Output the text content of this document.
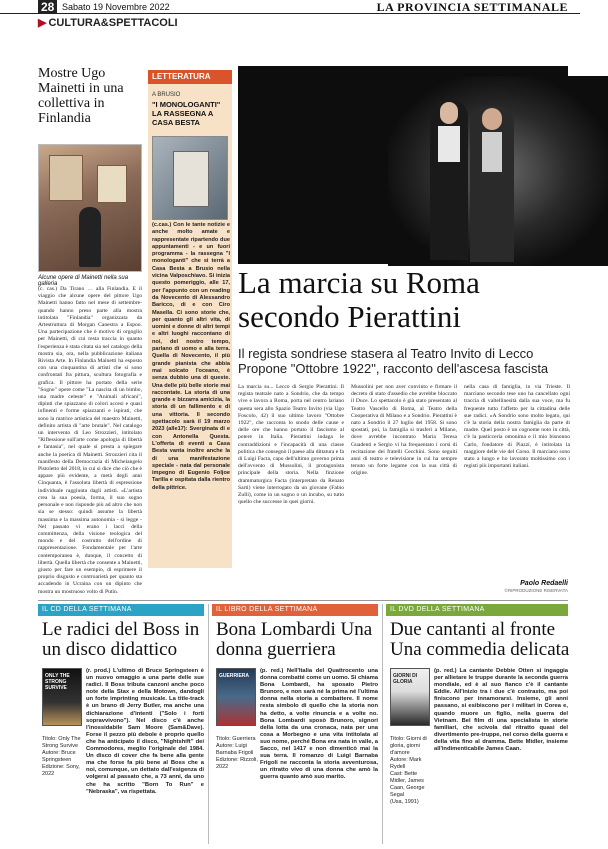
28 Sabato 19 Novembre 2022	LA PROVINCIA SETTIMANALE
▶ CULTURA&SPETTACOLI
Mostre Ugo Mainetti in una collettiva in Finlandia
Alcune opere di Mainetti nella sua galleria
(c. cas.) Da Tirano … alla Finlandia. E il viaggio che alcune opere del pittore Ugo Mainetti hanno fatto nel mese di settembre-quando hanno preso parte alla mostra intitolata "Finlandia" organizzata da Artestruttura di Morgan Canestra a Espoo. Una partecipazione che è motivo di orgoglio per Mainetti, di cui resta traccia in quanto l'esperienza è stata citata sia nel catalogo della mostra sia, ora, nella pubblicazione italiana Rivista Arte. In Finlandia Mainetti ha esposto con una cinquantina di artisti che si sono confrontati fra pittura, scultura fotografia e grafica. Il pittore ha portato della serie "Sogno" opere come "La nascita di un bimbo, una madre celeste" e "Animali africani", dipinti che spiazzano di colori accesi e quasi infinenti e forme spiazzanti e ispirati, che sono la matrice artistica del maestro Mainetti, definito artista di "arte brutale". Nel catalogo un intervento di Leo Strozzieri, intitolato "Riflessione sull'arte come apologia di libertà e fantasia", nel quale si presta a spiegare anche la poetica di Mainetti. Strozzieri cita il manifesto della Democrazia di Michelangelo Pistoletto del 2018, in cui si dice che ciò che è appare più evidente, a metà degli anni Cinquanta, è l'assoluta libertà di espressione individuale raggiunta dagli artisti. «L'artista crea la sua poesia, forma, il suo sogno personale e non risponde più ad altro che non sia se stesso: quindi assume la libertà massima e la massima autonomia - si legge - Nel passato vi erano i lacci della committenza, della visione teologica del mondo e del costrutto dell'ordine di rappresentazione. Fondamentale per l'arte contemporanea è, dunque, il concetto di libertà. Quella libertà che consente a Mainetti, giusto per fare un esempio, di esprimere il proprio disgusto e controarietà per quanto sta accadendo in Ucraina con un dipinto che mostra un mostruoso volto di Putin.
LETTERATURA
A BRUSIO
"I MONOLOGANTI" LA RASSEGNA A CASA BESTA
(c.cas.) Con le tante notizie e anche molto amate e rappresentate ripartendo due appuntamenti - e un fuori programma - la rassegna "I monologanti" che si terrà a Casa Besta a Brusio nella vicina Valposchiavo. Si inizia questo pomeriggio, alle 17, per l'appunto con un reading da Novecento di Alessandro Baricco, di e con Ciro Masella. Ci sono storie che, per quanto gli altri vita, di uomini e donne di altri tempi e altri luoghi raccontano di noi, del nostro tempo, parlano di uomo e alla terra. Quella di Novecento, il più grande pianista che abbia mai solcato l'oceano, è senza dubbio una di queste. Una delle più belle storie mai raccontate. La storia di una grande e bizzarra amicizia, la storia di un fallimento e di una vittoria. Il secondo spettacolo sarà il 19 marzo 2023 (alle17): Sverginata di e con Antonella Questa. L'offerta di eventi a Casa Besta vanta inoltre anche la di una manifestazione speciale - nata dal personale impegno di Eugenio Foljoe Tarilla e ospitata dalla rientro della pittrice.
La marcia su Roma secondo Pierattini
Il regista sondriese stasera al Teatro Invito di Lecco Propone "Ottobre 1922", racconto dell'ascesa fascista
La marcia su... Lecco di Sergio Pierattini. Il regista teatrale nato a Sondrio, che da tempo vive e lavora a Roma, porta nel centro lariano questa sera allo Spazio Teatro Invito (via Ugo Foscolo, 42) il suo ultimo lavoro "Ottobre 1922", che racconta lo snodo delle cause e delle ore che hanno portato il fascismo al potere in Italia. Pierattini indaga le contraddizioni e l'incapacità di una classe politica che consegnò il paese alla dittatura e fa di Luigi Facta, capo dell'ultimo governo prima dell'avvento di Mussolini, il protagonista principale della storia. Nella finzione drammaturgica Facta (interpretato da Renato Sarti) viene interrogato da un giovane (Fabio Zulli), come in un sogno o un incubo, su tutto quello che successe in quei giorni.
Mussolini per non aver convinto e firmare il decreto di stato d'assedio che avrebbe bloccato il Duce. Lo spettacolo è già stato presentato al Teatro Vascello di Roma, al Teatro della Cooperativa di Milano e a Sondrio. Pierattini è nato a Sondrio il 27 luglio del 1958. Si sono spostati, poi, la famiglia si trasferì a Milano, dove avrebbe incontrato Maria Teresa Guadenti e Sergio vi ha frequentato i corsi di recitazione dei fratelli Cecchini. Sono seguiti anni di teatro e televisione in cui ha sempre tenuto un forte legame con la sua città di origine.
nella casa di famiglia, in via Trieste. Il marciano secondo tese uno ha cancellato ogni traccia di valtellinesità dalla sua voce, ma fu frequente tutto l'affetto per la cittadina delle sue radici. «A Sondrio sono molto legato, qui c'è la storia della nostra famiglia da parte di madre. Quel posto è un cognome noto in città, c'è la pasticceria omonima e il mio bisnonno Carlo, fondatore di Piazzi, è intitolata la maggiore delle vie del Corso. Il marciano sono stato a lungo e ho lavorato moltissimo con i registi più importanti italiani.
Paolo Redaelli
©RIPRODUZIONE RISERVATA
IL CD DELLA SETTIMANA	IL LIBRO DELLA SETTIMANA	IL DVD DELLA SETTIMANA
Le radici del Boss in un disco didattico
Bona Lombardi Una donna guerriera
Due cantanti al fronte Una commedia delicata
ONLY THE STRONG SURVIVE
GUERRIERA	GIORNI DI GLORIA
Titolo: Only The Strong Survive
Autore: Bruce Springsteen
Edizione: Sony, 2022
Titolo: Guerriera
Autore: Luigi Barnaba Frigoli
Edizione: Rizzoli, 2022
Titolo: Giorni di gloria, giorni d'amore
Autore: Mark Rydell
Cast: Bette Midler, James Caan, George Segal
(Usa, 1991)
(r. prod.) L'ultimo di Bruce Springsteen è un nuovo omaggio a una parte delle sue radici. Il Boss tributa canzoni anche poco note della Stax e della Motown, dandogli un forte imprinting musicale. La title-track è un brano di Jerry Butler, ma anche una dichiarazione d'intenti ("Solo i forti sopravvivono"). Nel disco c'è anche l'inossidabile Sam Moore (Sam&Dave). Forse il pezzo più debole è proprio quello che ha anticipato il disco, "Nightshift" dei Commodores, meglio l'originale del 1984. Un disco di cover che fa bene alla gente ma che forse fa più bene al Boss che a noi, comunque, un dettato dall'esigenza di volgersi al passato che, a 73 anni, da uno che ha scritto "Born To Run" e "Nebraska", va rispettata.
(p. red.) Nell'Italia del Quattrocento una donna combatté come un uomo. Si chiama Bona Lombardi, ha sposato Pietro Brunoro, e non sarà né la prima né l'ultima donna nella storia a combattere. Il nome resta simbolo di quello che la storia non ha detto, a volte rinuncia e a volte no. Bona Lombardi sposò Brunoro, signori della lotta da una cronaca, nata per una cosa a Morbegno e una vita intitolata al suo nome, perché Bona era nata in valle, a Sacco, nel 1417 e non dimenticò mai la sua terra. Il romanzo di Luigi Barnaba Frigoli ne racconta la storia avventurosa, un ritratto vivo di una donna che amò la guerra quanto amò suo marito.
(p. red.) La cantante Debbie Otten si ingaggia per allietare le truppe durante la seconda guerra mondiale, ed è al suo fianco c'è il cantante Eddie. All'inizio tra i due c'è contrasto, ma poi finiscono per innamorarsi. Insieme, gli anni passano, si esibiscono per i militari in Corea e, quando muore un figlio, nella guerra del Vietnam. Bel film di una specialista in storie familiari, che scivola dal ritratto quasi del divertimento pre-truppe, nel corso della guerra e della vita fino al dramma. Bette Midler, insieme all'indimenticabile James Caan.
